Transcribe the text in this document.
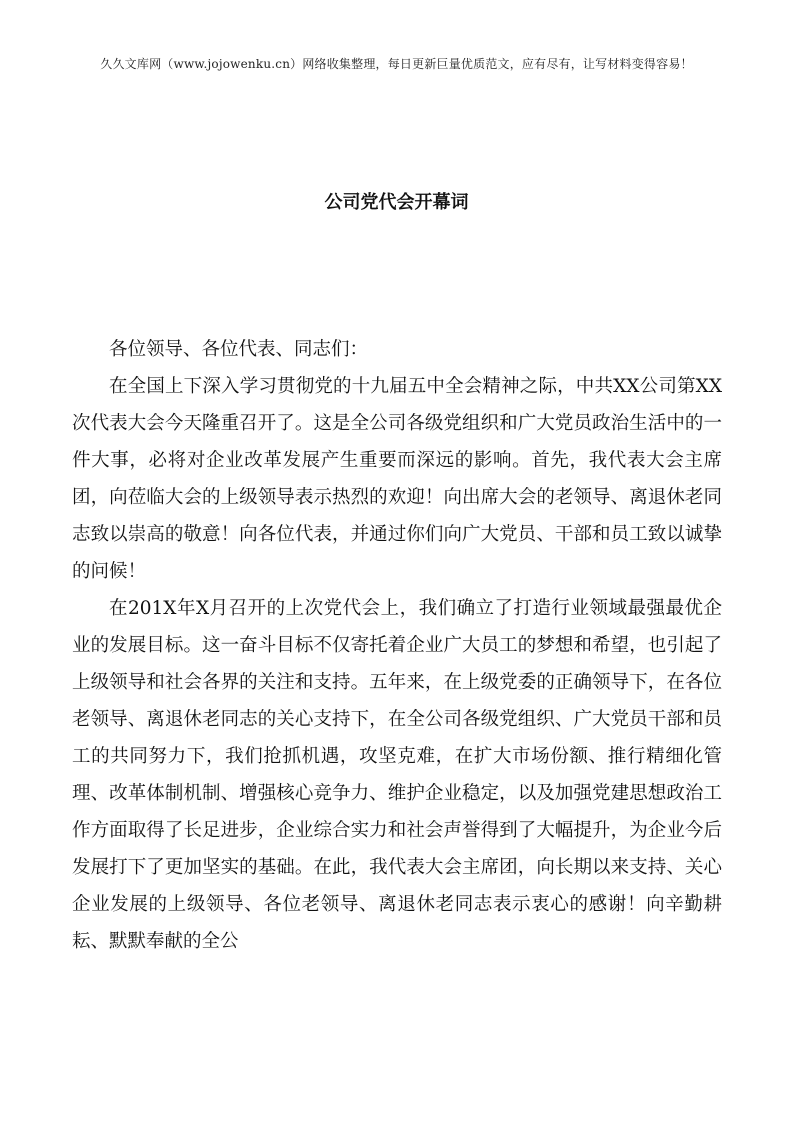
久久文库网（www.jojowenku.cn）网络收集整理，每日更新巨量优质范文，应有尽有，让写材料变得容易！
公司党代会开幕词

各位领导、各位代表、同志们：

在全国上下深入学习贯彻党的十九届五中全会精神之际，中共XX公司第XX次代表大会今天隆重召开了。这是全公司各级党组织和广大党员政治生活中的一件大事，必将对企业改革发展产生重要而深远的影响。首先，我代表大会主席团，向莅临大会的上级领导表示热烈的欢迎！向出席大会的老领导、离退休老同志致以崇高的敬意！向各位代表，并通过你们向广大党员、干部和员工致以诚挚的问候！

在201X年X月召开的上次党代会上，我们确立了打造行业领域最强最优企业的发展目标。这一奋斗目标不仅寄托着企业广大员工的梦想和希望，也引起了上级领导和社会各界的关注和支持。五年来，在上级党委的正确领导下，在各位老领导、离退休老同志的关心支持下，在全公司各级党组织、广大党员干部和员工的共同努力下，我们抢抓机遇，攻坚克难，在扩大市场份额、推行精细化管理、改革体制机制、增强核心竞争力、维护企业稳定，以及加强党建思想政治工作方面取得了长足进步，企业综合实力和社会声誉得到了大幅提升，为企业今后发展打下了更加坚实的基础。在此，我代表大会主席团，向长期以来支持、关心企业发展的上级领导、各位老领导、离退休老同志表示衷心的感谢！向辛勤耕耘、默默奉献的全公
